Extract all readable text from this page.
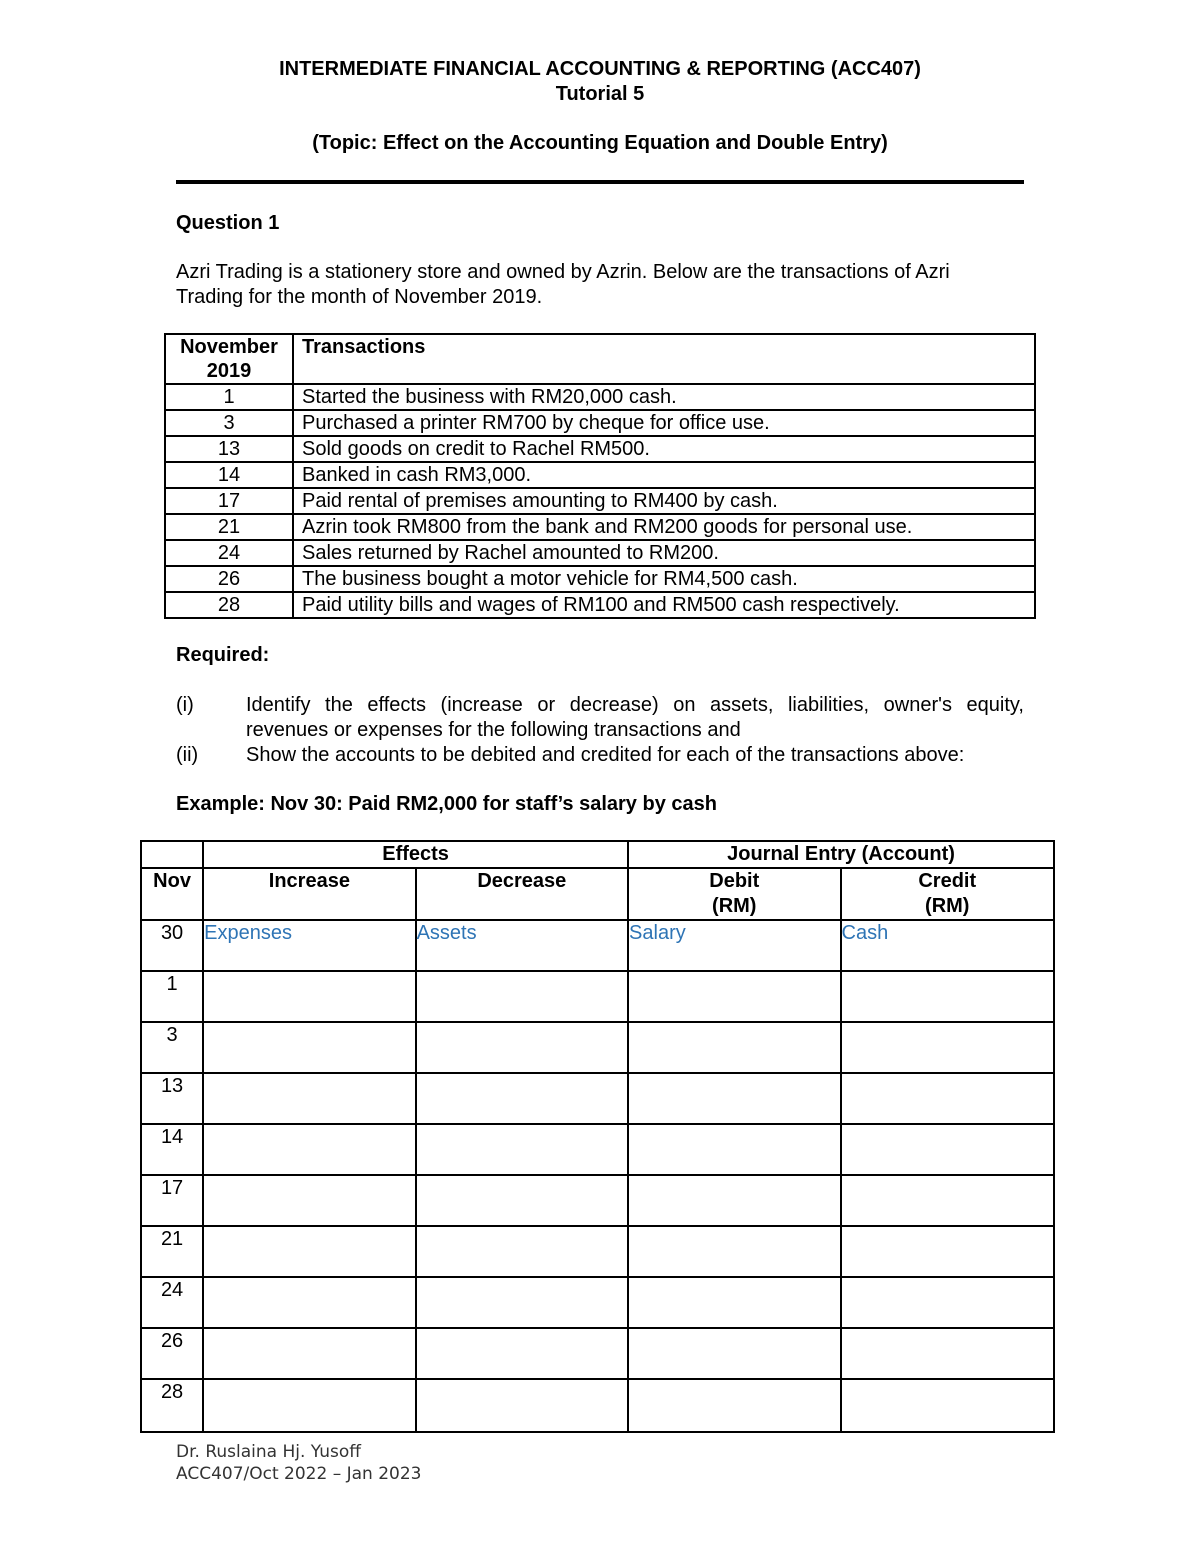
INTERMEDIATE FINANCIAL ACCOUNTING & REPORTING (ACC407)
Tutorial 5
(Topic: Effect on the Accounting Equation and Double Entry)
Question 1
Azri Trading is a stationery store and owned by Azrin. Below are the transactions of Azri
Trading for the month of November 2019.
November
2019	Transactions
1	Started the business with RM20,000 cash.
3	Purchased a printer RM700 by cheque for office use.
13	Sold goods on credit to Rachel RM500.
14	Banked in cash RM3,000.
17	Paid rental of premises amounting to RM400 by cash.
21	Azrin took RM800 from the bank and RM200 goods for personal use.
24	Sales returned by Rachel amounted to RM200.
26	The business bought a motor vehicle for RM4,500 cash.
28	Paid utility bills and wages of RM100 and RM500 cash respectively.
Required:
(i)	Identify the effects (increase or decrease) on assets, liabilities, owner's equity,
revenues or expenses for the following transactions and
(ii) Show the accounts to be debited and credited for each of the transactions above:
Example: Nov 30: Paid RM2,000 for staff’s salary by cash
	Effects		Journal Entry (Account)	
Nov	Increase	Decrease	Debit
(RM)	Credit
(RM)
30	Expenses	Assets	Salary	Cash
1				
3				
13				
14				
17				
21				
24				
26				
28				
Dr. Ruslaina Hj. Yusoff
ACC407/Oct 2022 – Jan 2023
